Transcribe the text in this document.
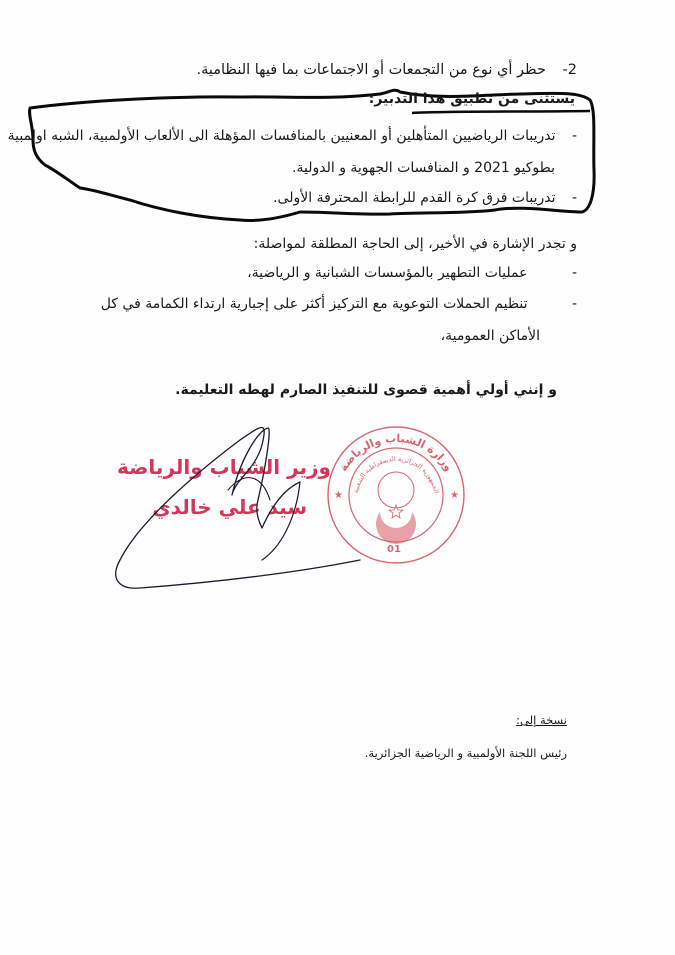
2- حظر أي نوع من التجمعات أو الاجتماعات بما فيها النظامية.
يستثنى من تطبيق هذا التدبير:
- تدريبات الرياضيين المتأهلين أو المعنيين بالمنافسات المؤهلة الى الألعاب الأولمبية، الشبه اولمبية
بطوكيو 2021 و المنافسات الجهوية و الدولية.
- تدريبات فرق كرة القدم للرابطة المحترفة الأولى.
و تجدر الإشارة في الأخير، إلى الحاجة المطلقة لمواصلة:
- عمليات التطهير بالمؤسسات الشبانية و الرياضية،
- تنظيم الحملات التوعوية مع التركيز أكثر على إجبارية ارتداء الكمامة في كل
الأماكن العمومية،
و إنني أولي أهمية قصوى للتنفيذ الصارم لهطه التعليمة.
وزارة الشباب والرياضة
الجمهورية الجزائرية الديمقراطية الشعبية
★	★
01
وزير الشباب والرياضة
سيد علي خالدي
نسخة إلى:
رئيس اللجنة الأولمبية و الرياضية الجزائرية.
